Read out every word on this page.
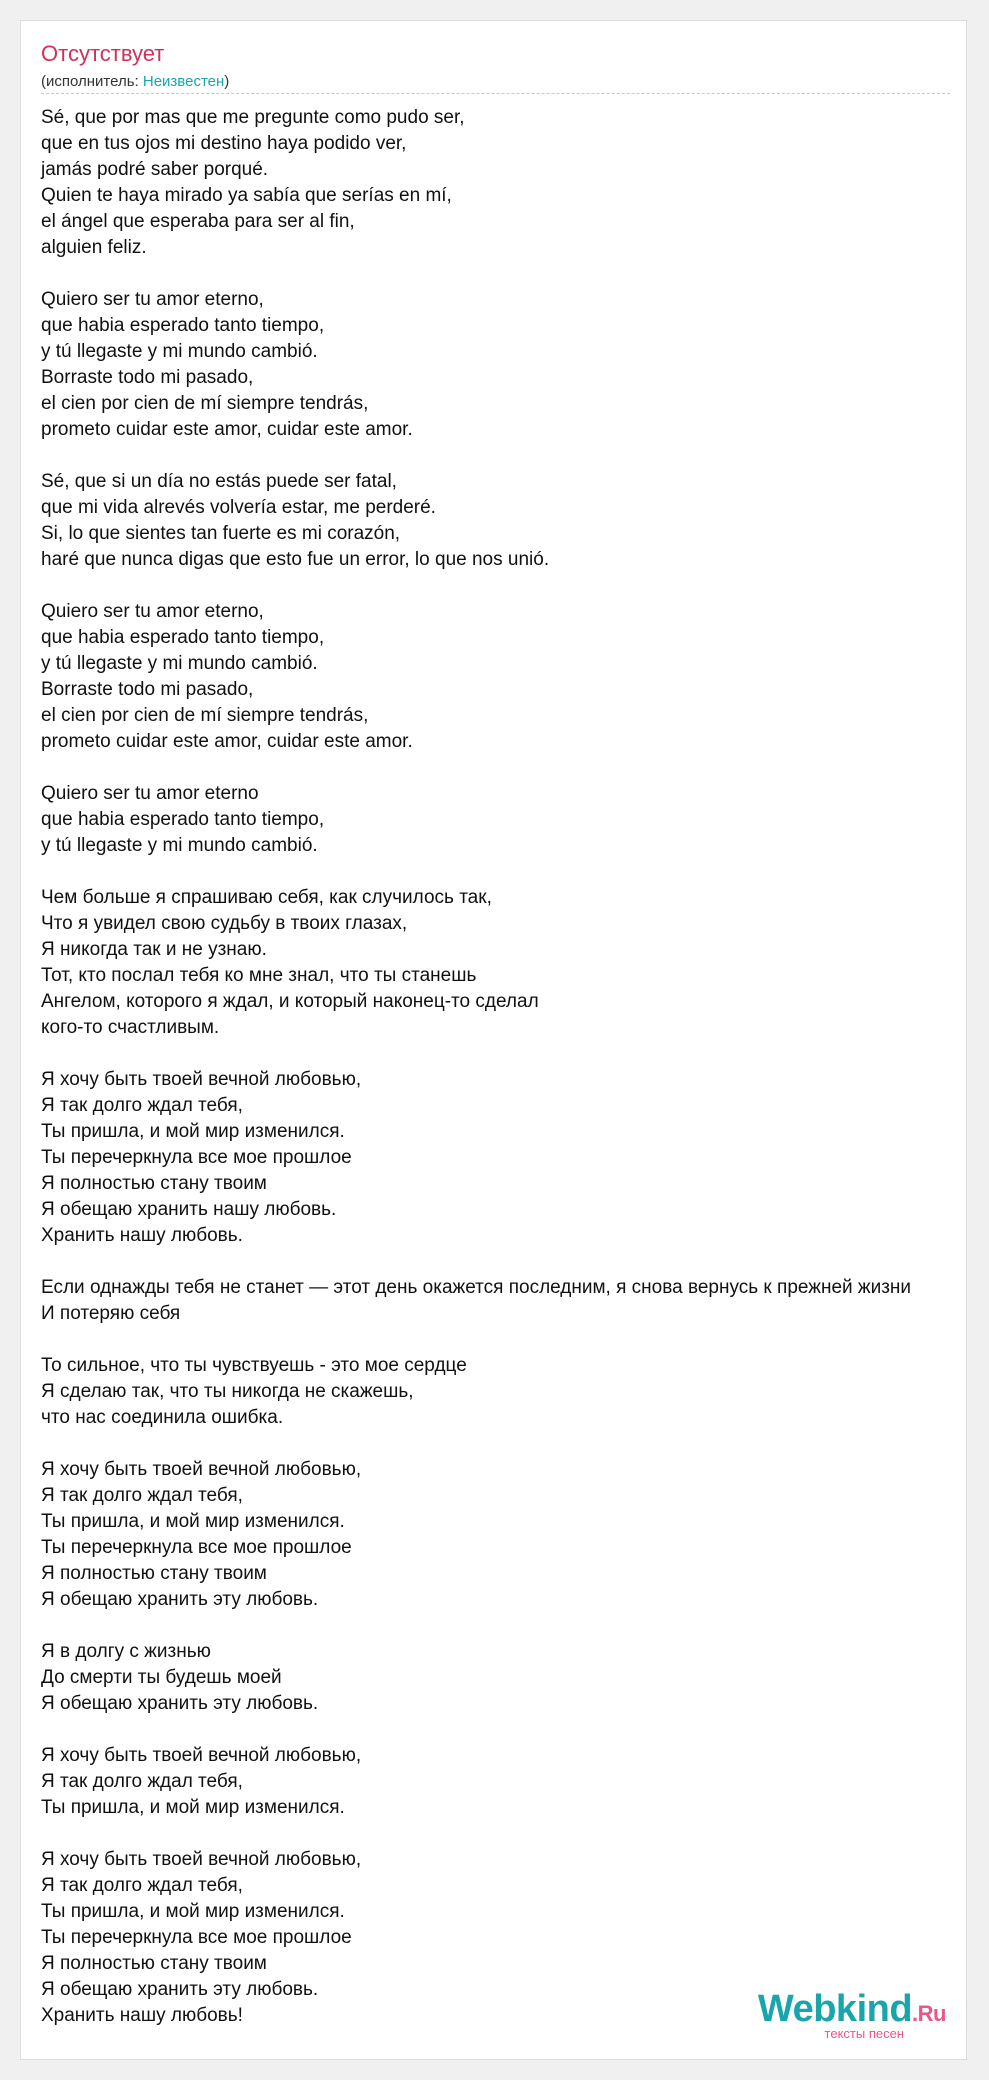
Отсутствует
(исполнитель: Неизвестен)
Sé, que por mas que me pregunte como pudo ser,
que en tus ojos mi destino haya podido ver,
jamás podré saber porqué.
Quien te haya mirado ya sabía que serías en mí,
el ángel que esperaba para ser al fin,
alguien feliz.
Quiero ser tu amor eterno,
que habia esperado tanto tiempo,
y tú llegaste y mi mundo cambió.
Borraste todo mi pasado,
el cien por cien de mí siempre tendrás,
prometo cuidar este amor, cuidar este amor.
Sé, que si un día no estás puede ser fatal,
que mi vida alrevés volvería estar, me perderé.
Si, lo que sientes tan fuerte es mi corazón,
haré que nunca digas que esto fue un error, lo que nos unió.
Quiero ser tu amor eterno,
que habia esperado tanto tiempo,
y tú llegaste y mi mundo cambió.
Borraste todo mi pasado,
el cien por cien de mí siempre tendrás,
prometo cuidar este amor, cuidar este amor.
Quiero ser tu amor eterno
que habia esperado tanto tiempo,
y tú llegaste y mi mundo cambió.
Чем больше я спрашиваю себя, как случилось так,
Что я увидел свою судьбу в твоих глазах,
Я никогда так и не узнаю.
Тот, кто послал тебя ко мне знал, что ты станешь
Ангелом, которого я ждал, и который наконец-то сделал
кого-то счастливым.
Я хочу быть твоей вечной любовью,
Я так долго ждал тебя,
Ты пришла, и мой мир изменился.
Ты перечеркнула все мое прошлое
Я полностью стану твоим
Я обещаю хранить нашу любовь.
Хранить нашу любовь.
Если однажды тебя не станет — этот день окажется последним, я снова вернусь к прежней жизни
И потеряю себя
То сильное, что ты чувствуешь - это мое сердце
Я сделаю так, что ты никогда не скажешь,
что нас соединила ошибка.
Я хочу быть твоей вечной любовью,
Я так долго ждал тебя,
Ты пришла, и мой мир изменился.
Ты перечеркнула все мое прошлое
Я полностью стану твоим
Я обещаю хранить эту любовь.
Я в долгу с жизнью
До смерти ты будешь моей
Я обещаю хранить эту любовь.
Я хочу быть твоей вечной любовью,
Я так долго ждал тебя,
Ты пришла, и мой мир изменился.
Я хочу быть твоей вечной любовью,
Я так долго ждал тебя,
Ты пришла, и мой мир изменился.
Ты перечеркнула все мое прошлое
Я полностью стану твоим
Я обещаю хранить эту любовь.
Хранить нашу любовь!	Webkind.Ru
тексты песен
